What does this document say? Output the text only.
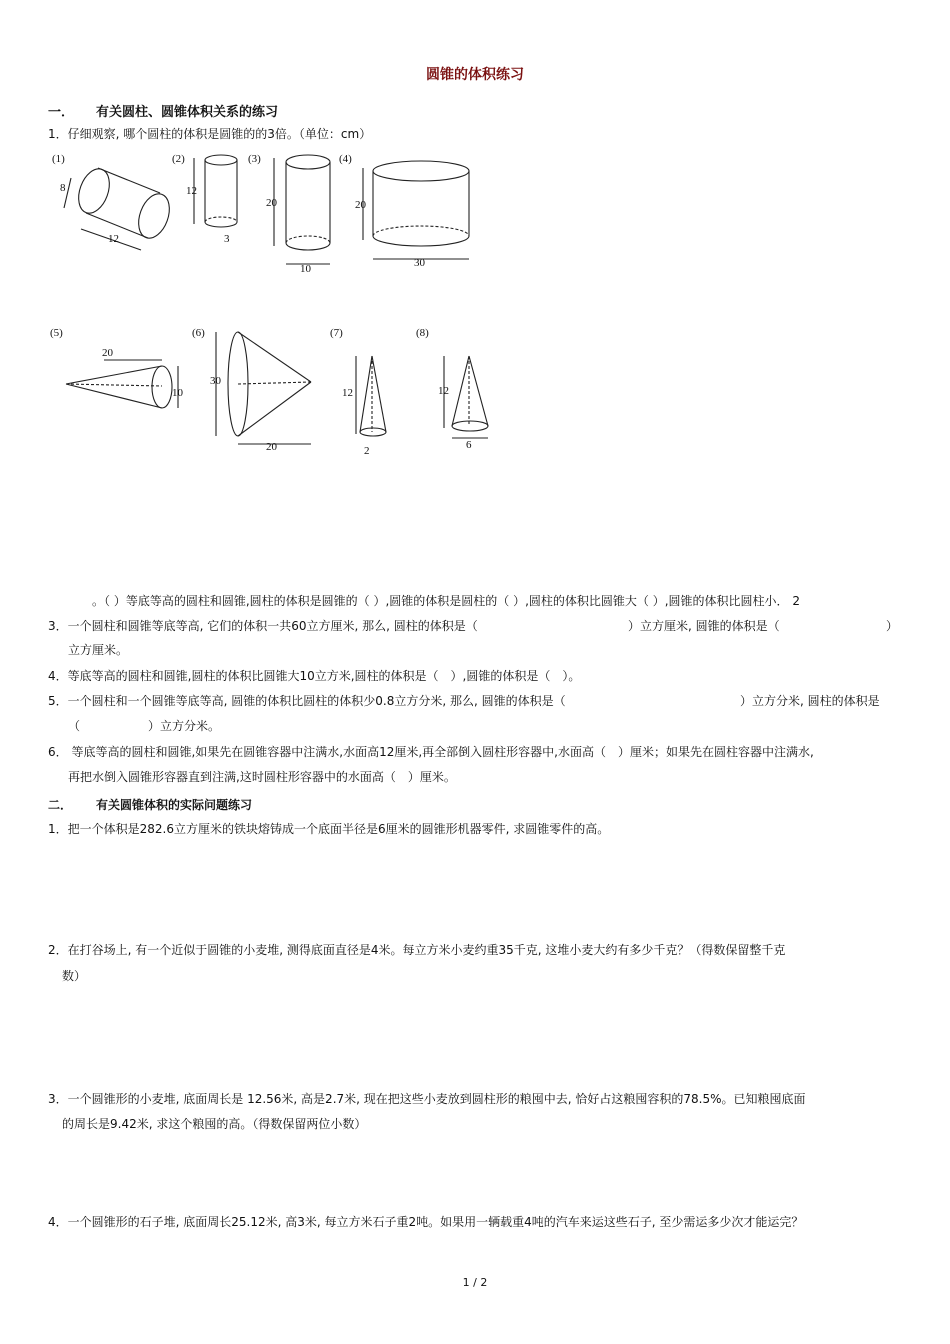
圆锥的体积练习
一． 有关圆柱、圆锥体积关系的练习
1．仔细观察, 哪个圆柱的体积是圆锥的的3倍。（单位：cm）
(1)
8
12
(2)
12
3
(3)
20
10
(4)
20
30
(5)
20
10
(6)
30
20
(7)
12
2
(8)
12
6
。（ ）等底等高的圆柱和圆锥,圆柱的体积是圆锥的（ ）,圆锥的体积是圆柱的（ ）,圆柱的体积比圆锥大（ ）,圆锥的体积比圆柱小． 2
3．一个圆柱和圆锥等底等高, 它们的体积一共60立方厘米, 那么, 圆柱的体积是（	）立方厘米, 圆锥的体积是（	）
立方厘米。
4．等底等高的圆柱和圆锥,圆柱的体积比圆锥大10立方米,圆柱的体积是（　）,圆锥的体积是（　）。
5．一个圆柱和一个圆锥等底等高, 圆锥的体积比圆柱的体积少0.8立方分米, 那么, 圆锥的体积是（	）立方分米, 圆柱的体积是
（	）立方分米。
6． 等底等高的圆柱和圆锥,如果先在圆锥容器中注满水,水面高12厘米,再全部倒入圆柱形容器中,水面高（　）厘米；如果先在圆柱容器中注满水,
再把水倒入圆锥形容器直到注满,这时圆柱形容器中的水面高（　）厘米。
二． 有关圆锥体积的实际问题练习
1．把一个体积是282.6立方厘米的铁块熔铸成一个底面半径是6厘米的圆锥形机器零件, 求圆锥零件的高。
2．在打谷场上, 有一个近似于圆锥的小麦堆, 测得底面直径是4米。每立方米小麦约重35千克, 这堆小麦大约有多少千克？（得数保留整千克
数）
3．一个圆锥形的小麦堆, 底面周长是 12.56米, 高是2.7米, 现在把这些小麦放到圆柱形的粮囤中去, 恰好占这粮囤容积的78.5%。已知粮囤底面
的周长是9.42米, 求这个粮囤的高。（得数保留两位小数）
4．一个圆锥形的石子堆, 底面周长25.12米, 高3米, 每立方米石子重2吨。如果用一辆载重4吨的汽车来运这些石子, 至少需运多少次才能运完？
1 / 2
